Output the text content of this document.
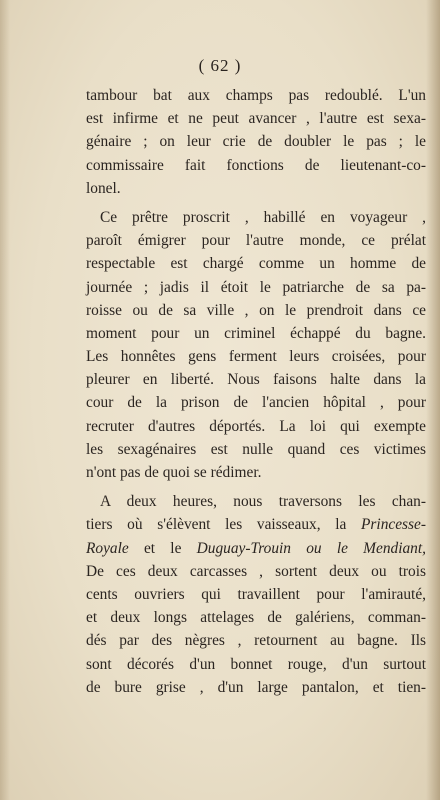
( 62 )
tambour bat aux champs pas redoublé. L'un
est infirme et ne peut avancer , l'autre est sexa-
génaire ; on leur crie de doubler le pas ; le
commissaire fait fonctions de lieutenant-co-
lonel.
Ce prêtre proscrit , habillé en voyageur ,
paroît émigrer pour l'autre monde, ce prélat
respectable est chargé comme un homme de
journée ; jadis il étoit le patriarche de sa pa-
roisse ou de sa ville , on le prendroit dans ce
moment pour un criminel échappé du bagne.
Les honnêtes gens ferment leurs croisées, pour
pleurer en liberté. Nous faisons halte dans la
cour de la prison de l'ancien hôpital , pour
recruter d'autres déportés. La loi qui exempte
les sexagénaires est nulle quand ces victimes
n'ont pas de quoi se rédimer.
A deux heures, nous traversons les chan-
tiers où s'élèvent les vaisseaux, la Princesse-
Royale et le Duguay-Trouin ou le Mendiant,
De ces deux carcasses , sortent deux ou trois
cents ouvriers qui travaillent pour l'amirauté,
et deux longs attelages de galériens, comman-
dés par des nègres , retournent au bagne. Ils
sont décorés d'un bonnet rouge, d'un surtout
de bure grise , d'un large pantalon, et tien-
